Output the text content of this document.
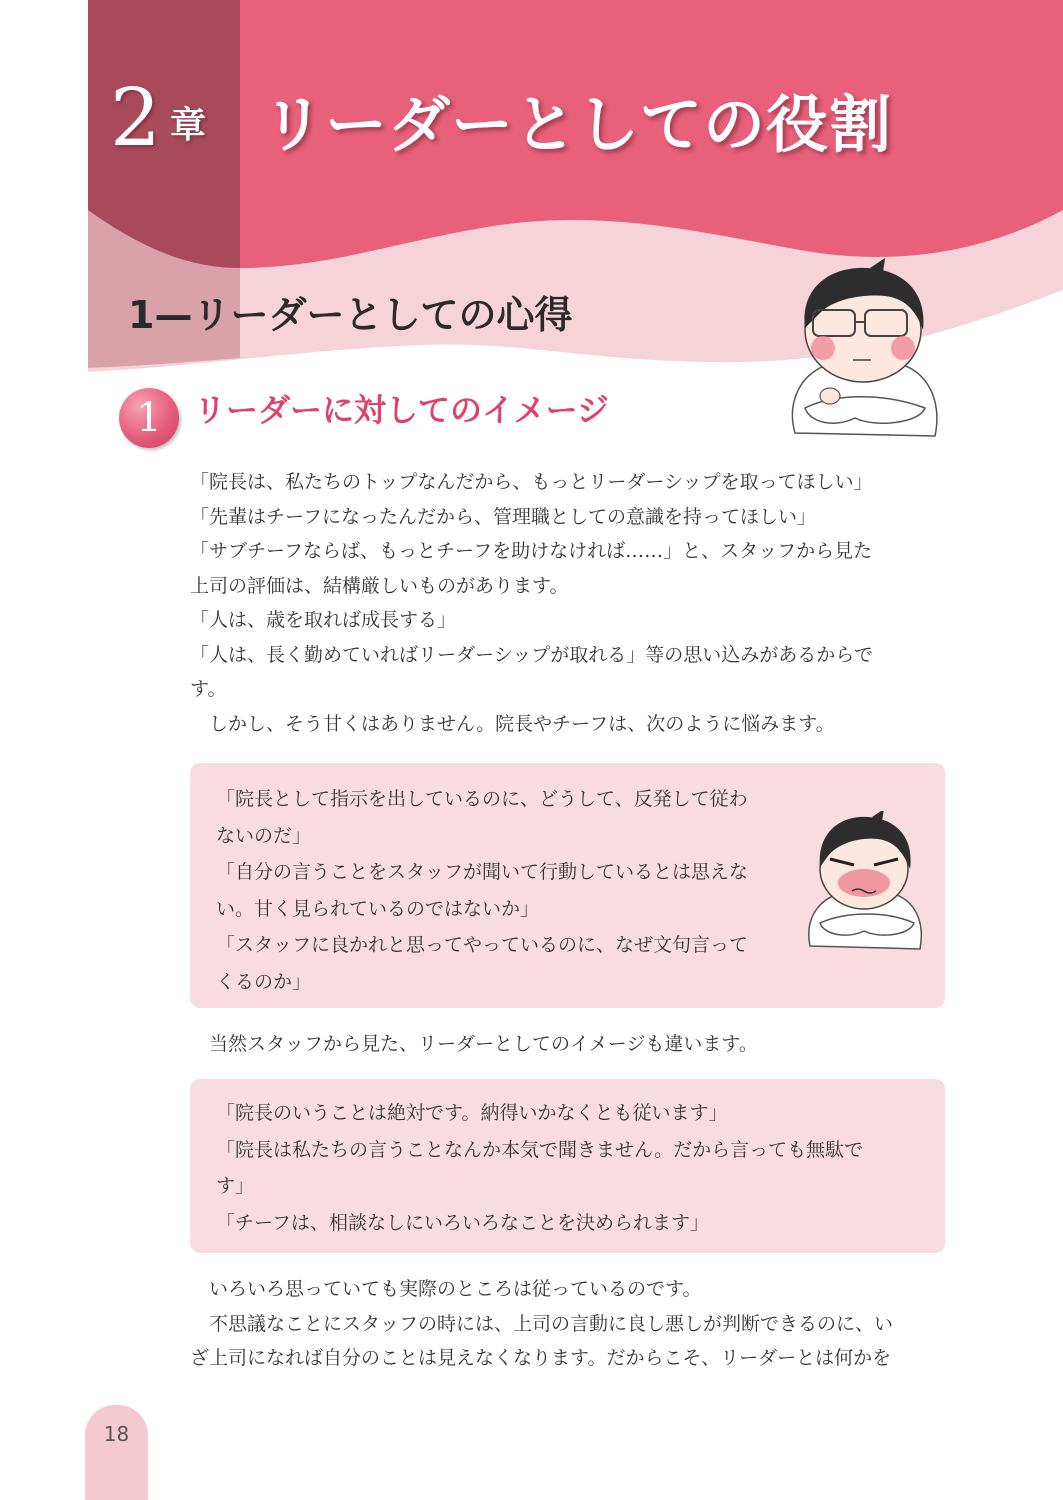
2 章 リーダーとしての役割
1—リーダーとしての心得
1	リーダーに対してのイメージ

「院長は、私たちのトップなんだから、もっとリーダーシップを取ってほしい」

「先輩はチーフになったんだから、管理職としての意識を持ってほしい」

「サブチーフならば、もっとチーフを助けなければ……」と、スタッフから見た

上司の評価は、結構厳しいものがあります。

「人は、歳を取れば成長する」

「人は、長く勤めていればリーダーシップが取れる」等の思い込みがあるからで

す。

　しかし、そう甘くはありません。院長やチーフは、次のように悩みます。

「院長として指示を出しているのに、どうして、反発して従わ

ないのだ」

「自分の言うことをスタッフが聞いて行動しているとは思えな

い。甘く見られているのではないか」

「スタッフに良かれと思ってやっているのに、なぜ文句言って

くるのか」

　当然スタッフから見た、リーダーとしてのイメージも違います。

「院長のいうことは絶対です。納得いかなくとも従います」

「院長は私たちの言うことなんか本気で聞きません。だから言っても無駄で

す」

「チーフは、相談なしにいろいろなことを決められます」

　いろいろ思っていても実際のところは従っているのです。

　不思議なことにスタッフの時には、上司の言動に良し悪しが判断できるのに、い

ざ上司になれば自分のことは見えなくなります。だからこそ、リーダーとは何かを

18
